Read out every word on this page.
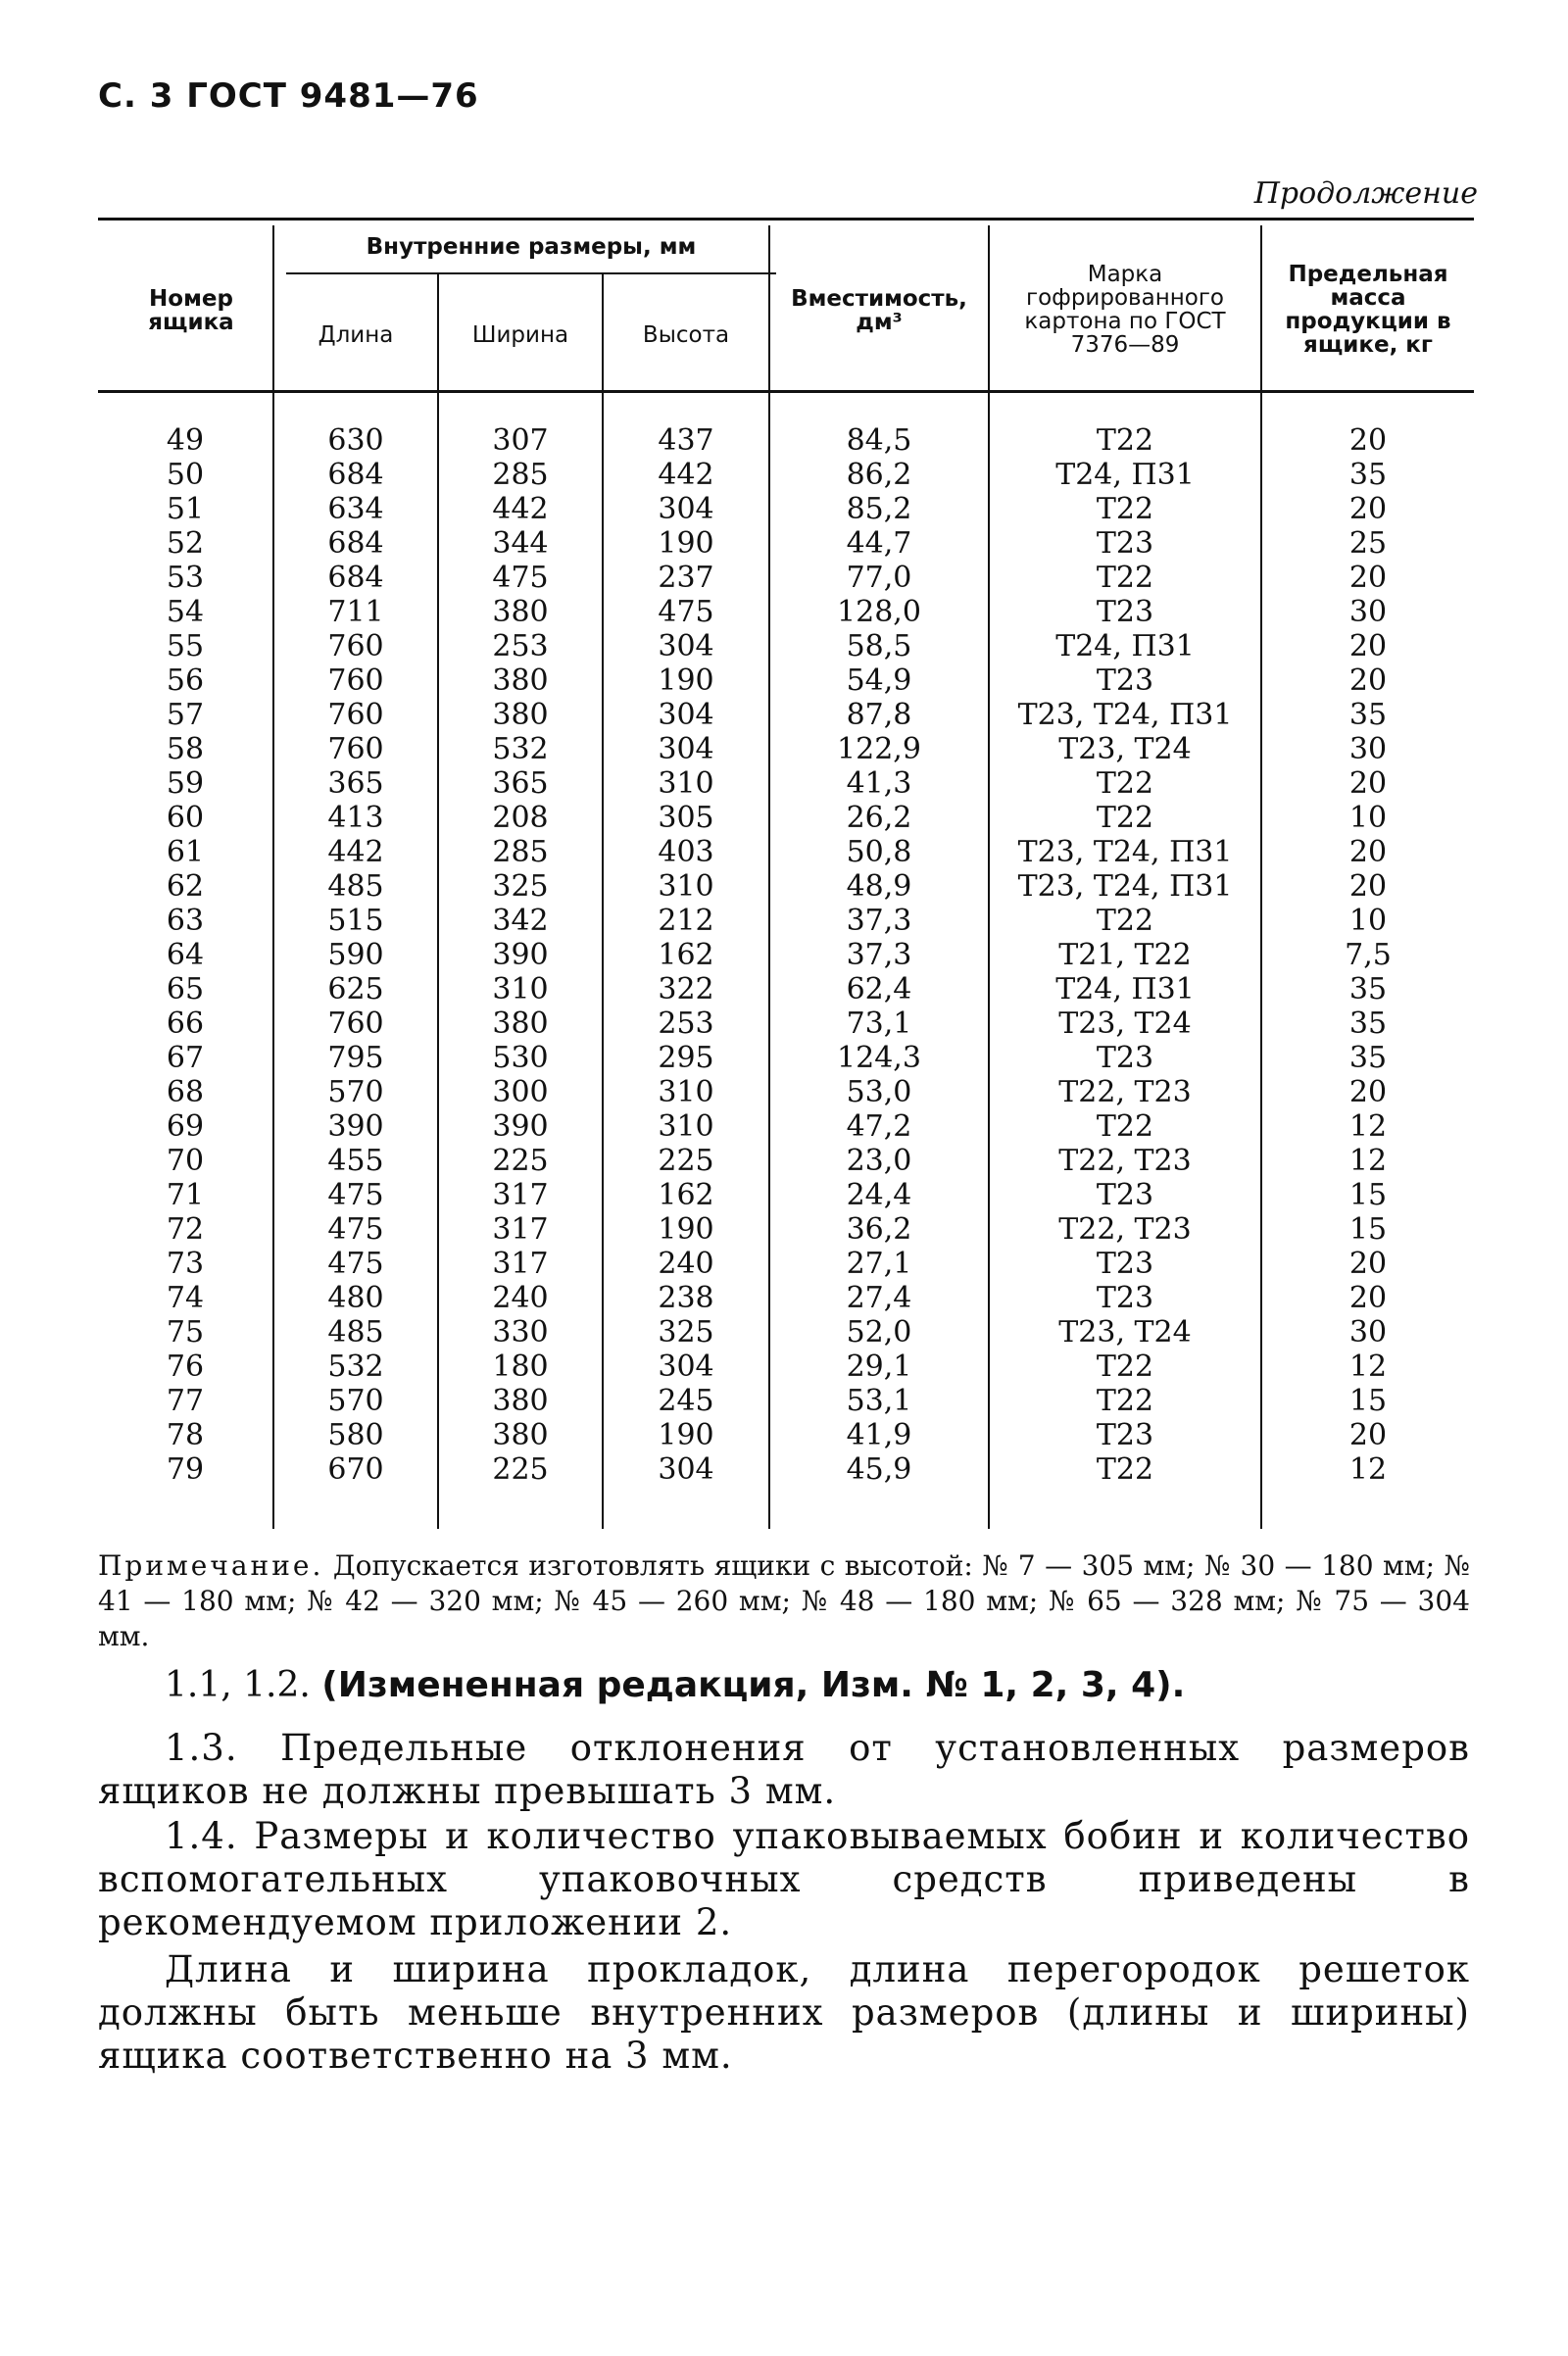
С. 3 ГОСТ 9481—76
Продолжение
Номер ящика
Внутренние размеры, мм
Длина	Ширина	Высота
Вместимость, дм³
Марка гофрированного картона по ГОСТ 7376—89
Предельная масса продукции в ящике, кг
49	630	307	437	84,5	Т22	20
50	684	285	442	86,2	Т24, П31	35
51	634	442	304	85,2	Т22	20
52	684	344	190	44,7	Т23	25
53	684	475	237	77,0	Т22	20
54	711	380	475	128,0	Т23	30
55	760	253	304	58,5	Т24, П31	20
56	760	380	190	54,9	Т23	20
57	760	380	304	87,8	Т23, Т24, П31	35
58	760	532	304	122,9	Т23, Т24	30
59	365	365	310	41,3	Т22	20
60	413	208	305	26,2	Т22	10
61	442	285	403	50,8	Т23, Т24, П31	20
62	485	325	310	48,9	Т23, Т24, П31	20
63	515	342	212	37,3	Т22	10
64	590	390	162	37,3	Т21, Т22	7,5
65	625	310	322	62,4	Т24, П31	35
66	760	380	253	73,1	Т23, Т24	35
67	795	530	295	124,3	Т23	35
68	570	300	310	53,0	Т22, Т23	20
69	390	390	310	47,2	Т22	12
70	455	225	225	23,0	Т22, Т23	12
71	475	317	162	24,4	Т23	15
72	475	317	190	36,2	Т22, Т23	15
73	475	317	240	27,1	Т23	20
74	480	240	238	27,4	Т23	20
75	485	330	325	52,0	Т23, Т24	30
76	532	180	304	29,1	Т22	12
77	570	380	245	53,1	Т22	15
78	580	380	190	41,9	Т23	20
79	670	225	304	45,9	Т22	12
Примечание. Допускается изготовлять ящики с высотой: № 7 — 305 мм; № 30 — 180 мм; № 41 — 180 мм; № 42 — 320 мм; № 45 — 260 мм; № 48 — 180 мм; № 65 — 328 мм; № 75 — 304 мм.
1.1, 1.2. (Измененная редакция, Изм. № 1, 2, 3, 4).
1.3. Предельные отклонения от установленных размеров ящиков не должны превышать 3 мм.
1.4. Размеры и количество упаковываемых бобин и количество вспомогательных упаковочных средств приведены в рекомендуемом приложении 2.
Длина и ширина прокладок, длина перегородок решеток должны быть меньше внутренних размеров (длины и ширины) ящика соответственно на 3 мм.
